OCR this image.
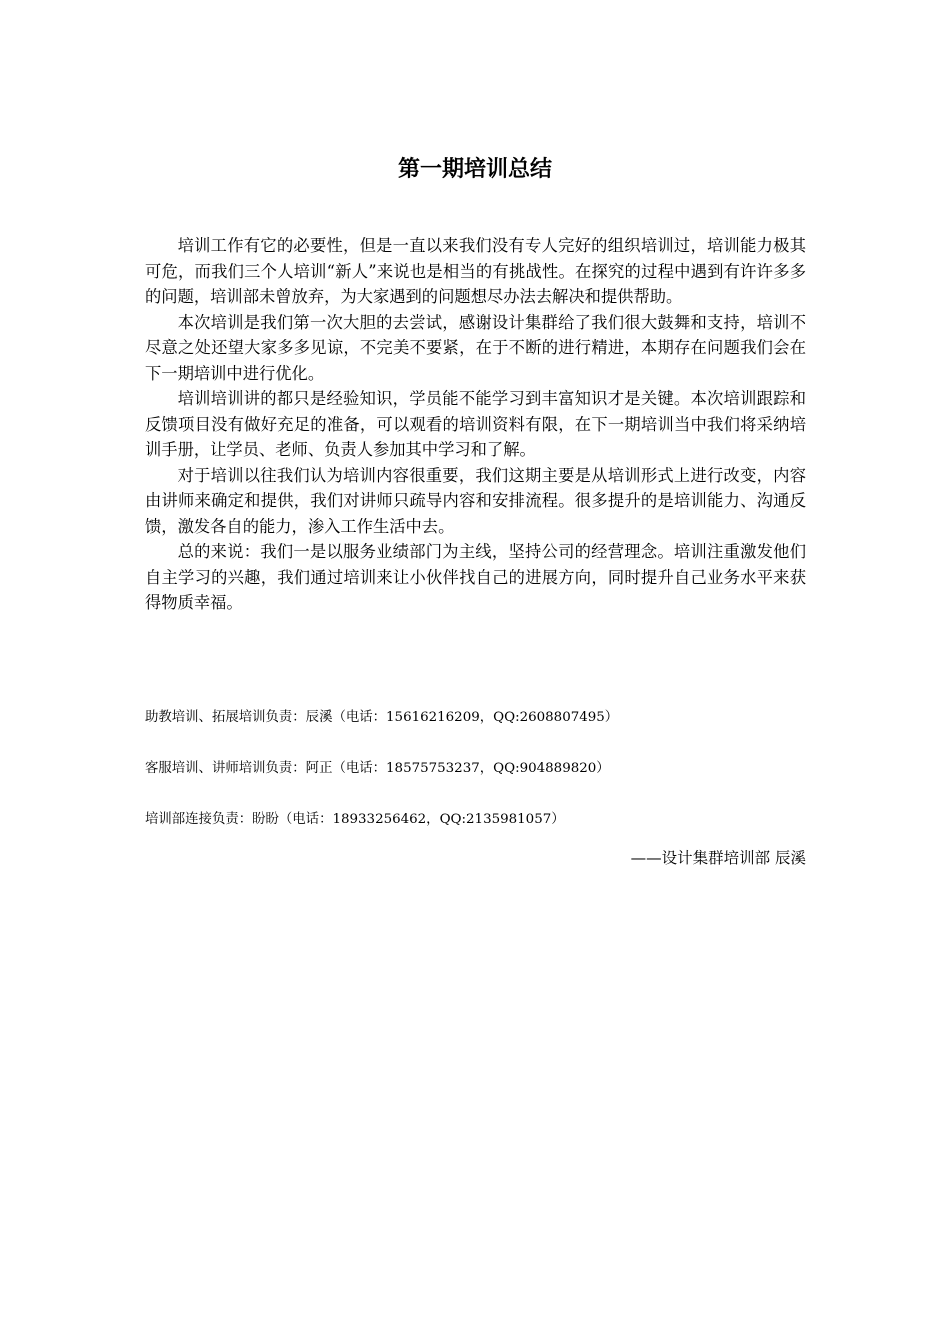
第一期培训总结

培训工作有它的必要性，但是一直以来我们没有专人完好的组织培训过，培训能力极其可危，而我们三个人培训“新人”来说也是相当的有挑战性。在探究的过程中遇到有许许多多的问题，培训部未曾放弃，为大家遇到的问题想尽办法去解决和提供帮助。

本次培训是我们第一次大胆的去尝试，感谢设计集群给了我们很大鼓舞和支持，培训不尽意之处还望大家多多见谅，不完美不要紧，在于不断的进行精进，本期存在问题我们会在下一期培训中进行优化。

培训培训讲的都只是经验知识，学员能不能学习到丰富知识才是关键。本次培训跟踪和反馈项目没有做好充足的准备，可以观看的培训资料有限，在下一期培训当中我们将采纳培训手册，让学员、老师、负责人参加其中学习和了解。

对于培训以往我们认为培训内容很重要，我们这期主要是从培训形式上进行改变，内容由讲师来确定和提供，我们对讲师只疏导内容和安排流程。很多提升的是培训能力、沟通反馈，激发各自的能力，渗入工作生活中去。

总的来说：我们一是以服务业绩部门为主线，坚持公司的经营理念。培训注重激发他们自主学习的兴趣，我们通过培训来让小伙伴找自己的进展方向，同时提升自己业务水平来获得物质幸福。

助教培训、拓展培训负责：辰溪（电话：15616216209，QQ:2608807495）

客服培训、讲师培训负责：阿正（电话：18575753237，QQ:904889820）

培训部连接负责：盼盼（电话：18933256462，QQ:2135981057）

——设计集群培训部 辰溪
